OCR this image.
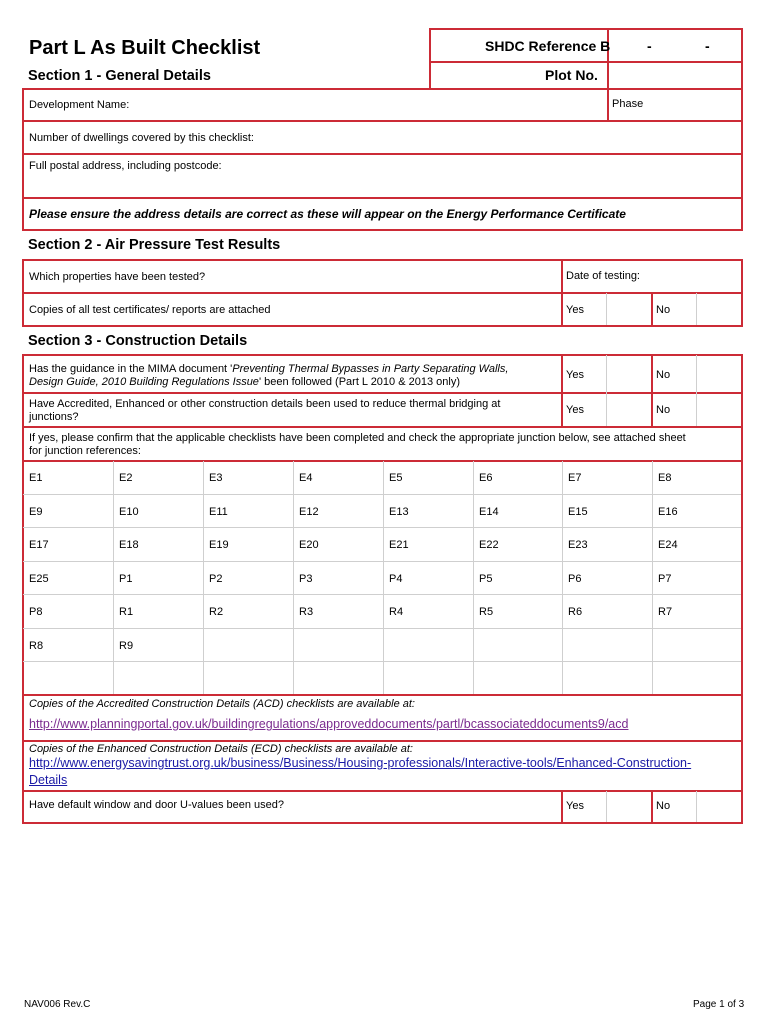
Part L As Built Checklist	SHDC Reference B	-	-
Plot No.
Section 1 - General Details
Development Name:	Phase
Number of dwellings covered by this checklist:
Full postal address, including postcode:
Please ensure the address details are correct as these will appear on the Energy Performance Certificate
Section 2 - Air Pressure Test Results
Which properties have been tested?	Date of testing:
Copies of all test certificates/ reports are attached	Yes	No
Section 3 - Construction Details
Has the guidance in the MIMA document 'Preventing Thermal Bypasses in Party Separating Walls,
Design Guide, 2010 Building Regulations Issue' been followed (Part L 2010 & 2013 only)
Yes	No
Have Accredited, Enhanced or other construction details been used to reduce thermal bridging at
junctions?
Yes	No
If yes, please confirm that the applicable checklists have been completed and check the appropriate junction below, see attached sheet
for junction references:
E1	E2	E3	E4	E5	E6	E7	E8
E9	E10	E11	E12	E13	E14	E15	E16
E17	E18	E19	E20	E21	E22	E23	E24
E25	P1	P2	P3	P4	P5	P6	P7
P8	R1	R2	R3	R4	R5	R6	R7
R8	R9
Copies of the Accredited Construction Details (ACD) checklists are available at:
http://www.planningportal.gov.uk/buildingregulations/approveddocuments/partl/bcassociateddocuments9/acd
Copies of the Enhanced Construction Details (ECD) checklists are available at:
http://www.energysavingtrust.org.uk/business/Business/Housing-professionals/Interactive-tools/Enhanced-Construction-
Details
Have default window and door U-values been used?	Yes	No
NAV006 Rev.C	Page 1 of 3
